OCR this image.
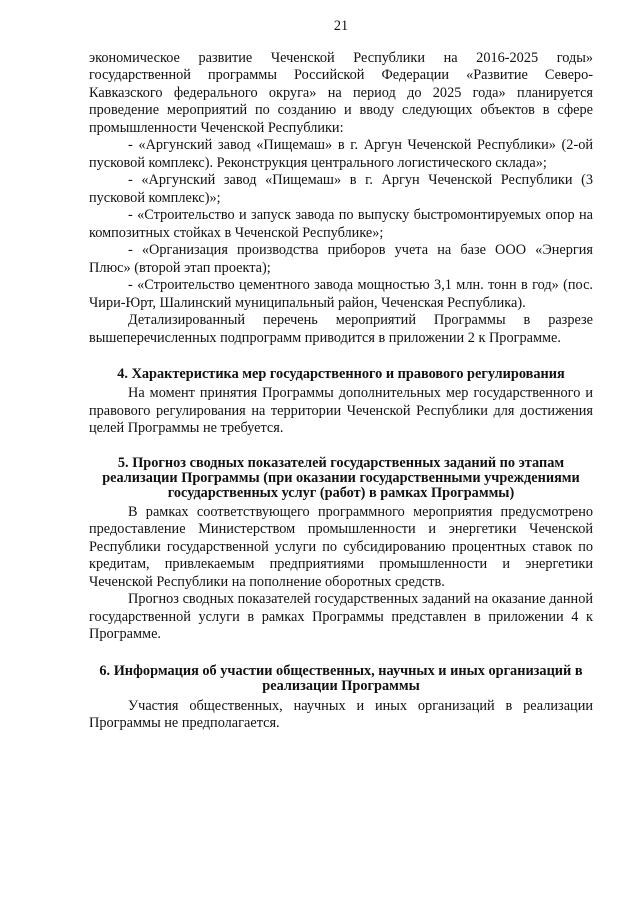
21

экономическое развитие Чеченской Республики на 2016-2025 годы» государственной программы Российской Федерации «Развитие Северо-Кавказского федерального округа» на период до 2025 года» планируется проведение мероприятий по созданию и вводу следующих объектов в сфере промышленности Чеченской Республики:

- «Аргунский завод «Пищемаш» в г. Аргун Чеченской Республики» (2-ой пусковой комплекс). Реконструкция центрального логистического склада»;

- «Аргунский завод «Пищемаш» в г. Аргун Чеченской Республики (3 пусковой комплекс)»;

- «Строительство и запуск завода по выпуску быстромонтируемых опор на композитных стойках в Чеченской Республике»;

- «Организация производства приборов учета на базе ООО «Энергия Плюс» (второй этап проекта);

- «Строительство цементного завода мощностью 3,1 млн. тонн в год» (пос. Чири-Юрт, Шалинский муниципальный район, Чеченская Республика).

Детализированный перечень мероприятий Программы в разрезе вышеперечисленных подпрограмм приводится в приложении 2 к Программе.

4. Характеристика мер государственного и правового регулирования

На момент принятия Программы дополнительных мер государственного и правового регулирования на территории Чеченской Республики для достижения целей Программы не требуется.

5. Прогноз сводных показателей государственных заданий по этапам реализации Программы (при оказании государственными учреждениями государственных услуг (работ) в рамках Программы)

В рамках соответствующего программного мероприятия предусмотрено предоставление Министерством промышленности и энергетики Чеченской Республики государственной услуги по субсидированию процентных ставок по кредитам, привлекаемым предприятиями промышленности и энергетики Чеченской Республики на пополнение оборотных средств.

Прогноз сводных показателей государственных заданий на оказание данной государственной услуги в рамках Программы представлен в приложении 4 к Программе.

6. Информация об участии общественных, научных и иных организаций в реализации Программы

Участия общественных, научных и иных организаций в реализации Программы не предполагается.
